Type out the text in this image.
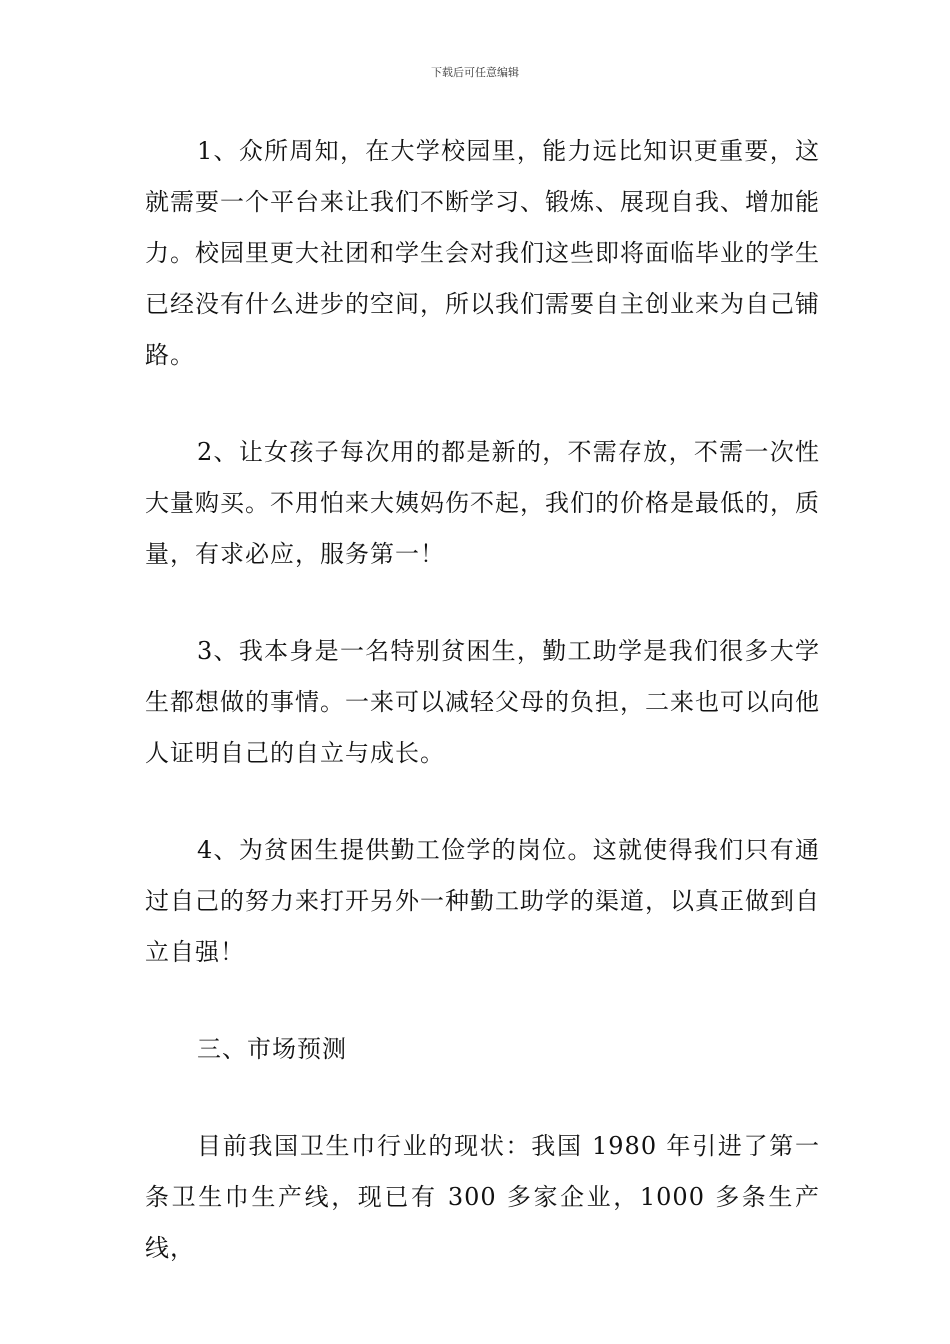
下载后可任意编辑

1、众所周知，在大学校园里，能力远比知识更重要，这就需要一个平台来让我们不断学习、锻炼、展现自我、增加能力。校园里更大社团和学生会对我们这些即将面临毕业的学生已经没有什么进步的空间，所以我们需要自主创业来为自己铺路。

2、让女孩子每次用的都是新的，不需存放，不需一次性大量购买。不用怕来大姨妈伤不起，我们的价格是最低的，质量，有求必应，服务第一！

3、我本身是一名特别贫困生，勤工助学是我们很多大学生都想做的事情。一来可以减轻父母的负担，二来也可以向他人证明自己的自立与成长。

4、为贫困生提供勤工俭学的岗位。这就使得我们只有通过自己的努力来打开另外一种勤工助学的渠道，以真正做到自立自强！

三、市场预测

目前我国卫生巾行业的现状：我国 1980 年引进了第一条卫生巾生产线，现已有 300 多家企业，1000 多条生产线，
